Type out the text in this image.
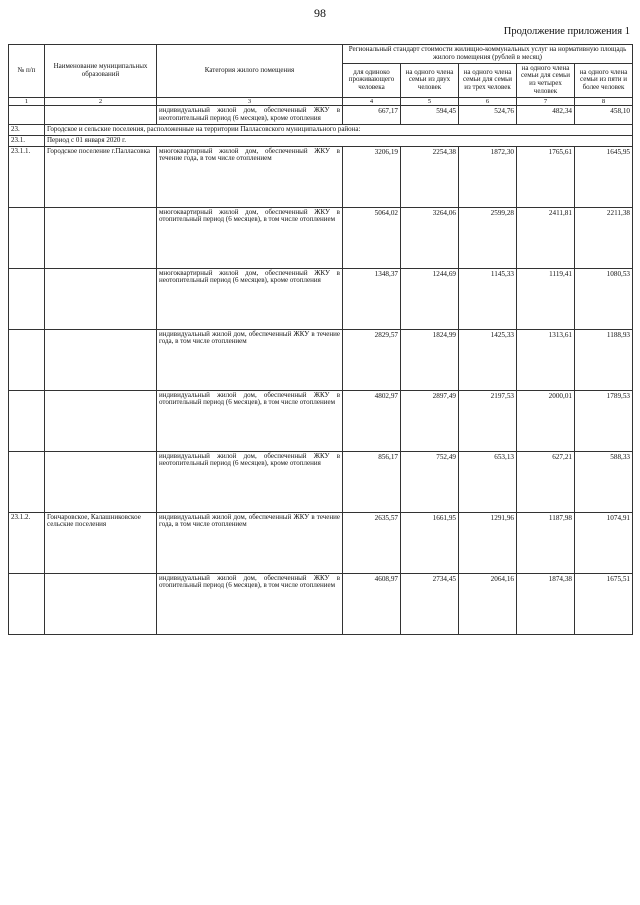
98
Продолжение приложения 1
№ п/п	Наименование муниципальных образований	Категория жилого помещения	Региональный стандарт стоимости жилищно-коммунальных услуг на нормативную площадь жилого помещения (рублей в месяц)				
			для одиноко проживающего человека	на одного члена семьи из двух человек	на одного члена семьи для семьи из трех человек	на одного члена семьи для семьи из четырех человек	на одного члена семьи из пяти и более человек
1	2	3	4	5	6	7	8
		индивидуальный жилой дом, обеспеченный ЖКУ в неотопительный период (6 месяцев), кроме отопления	667,17	594,45	524,76	482,34	458,10
23.	Городское и сельские поселения, расположенные на территории Палласовского муниципального района:						
23.1.	Период с 01 января 2020 г.						
23.1.1.	Городское поселение г.Палласовка	многоквартирный жилой дом, обеспеченный ЖКУ в течение года, в том числе отоплением	3206,19	2254,38	1872,30	1765,61	1645,95
		многоквартирный жилой дом, обеспеченный ЖКУ в отопительный период (6 месяцев), в том числе отоплением	5064,02	3264,06	2599,28	2411,81	2211,38
		многоквартирный жилой дом, обеспеченный ЖКУ в неотопительный период (6 месяцев), кроме отопления	1348,37	1244,69	1145,33	1119,41	1080,53
		индивидуальный жилой дом, обеспеченный ЖКУ в течение года, в том числе отоплением	2829,57	1824,99	1425,33	1313,61	1188,93
		индивидуальный жилой дом, обеспеченный ЖКУ в отопительный период (6 месяцев), в том числе отоплением	4802,97	2897,49	2197,53	2000,01	1789,53
		индивидуальный жилой дом, обеспеченный ЖКУ в неотопительный период (6 месяцев), кроме отопления	856,17	752,49	653,13	627,21	588,33
23.1.2.	Гончаровское, Калашниковское сельские поселения	индивидуальный жилой дом, обеспеченный ЖКУ в течение года, в том числе отоплением	2635,57	1661,95	1291,96	1187,98	1074,91
		индивидуальный жилой дом, обеспеченный ЖКУ в отопительный период (6 месяцев), в том числе отоплением	4608,97	2734,45	2064,16	1874,38	1675,51
